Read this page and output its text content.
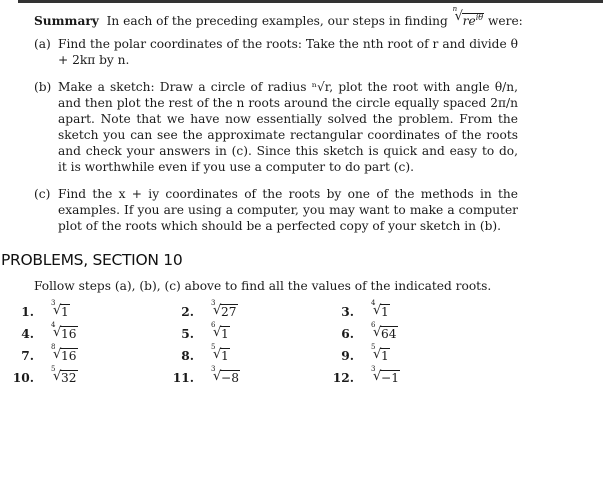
Summary In each of the preceding examples, our steps in finding
n
√ $re^{i\theta}$ were:
(a) Find the polar coordinates of the roots: Take the nth root of r and divide θ + 2kπ by n.
(b) Make a sketch: Draw a circle of radius ⁿ√r, plot the root with angle θ/n, and then plot the rest of the n roots around the circle equally spaced 2π/n apart. Note that we have now essentially solved the problem. From the sketch you can see the approximate rectangular coordinates of the roots and check your answers in (c). Since this sketch is quick and easy to do, it is worthwhile even if you use a computer to do part (c).
(c) Find the x + iy coordinates of the roots by one of the methods in the examples. If you are using a computer, you may want to make a computer plot of the roots which should be a perfected copy of your sketch in (b).
PROBLEMS, SECTION 10
Follow steps (a), (b), (c) above to find all the values of the indicated roots.
1.
3
√ 1	2.
3
√ 27	3.
4
√ 1
4.
4
√ 16	5.
6
√ 1	6.
6
√ 64
7.
8
√ 16	8.
5
√ 1	9.
5
√ 1
10.
5
√ 32	11.
3
√ −8	12.
3
√ −1
